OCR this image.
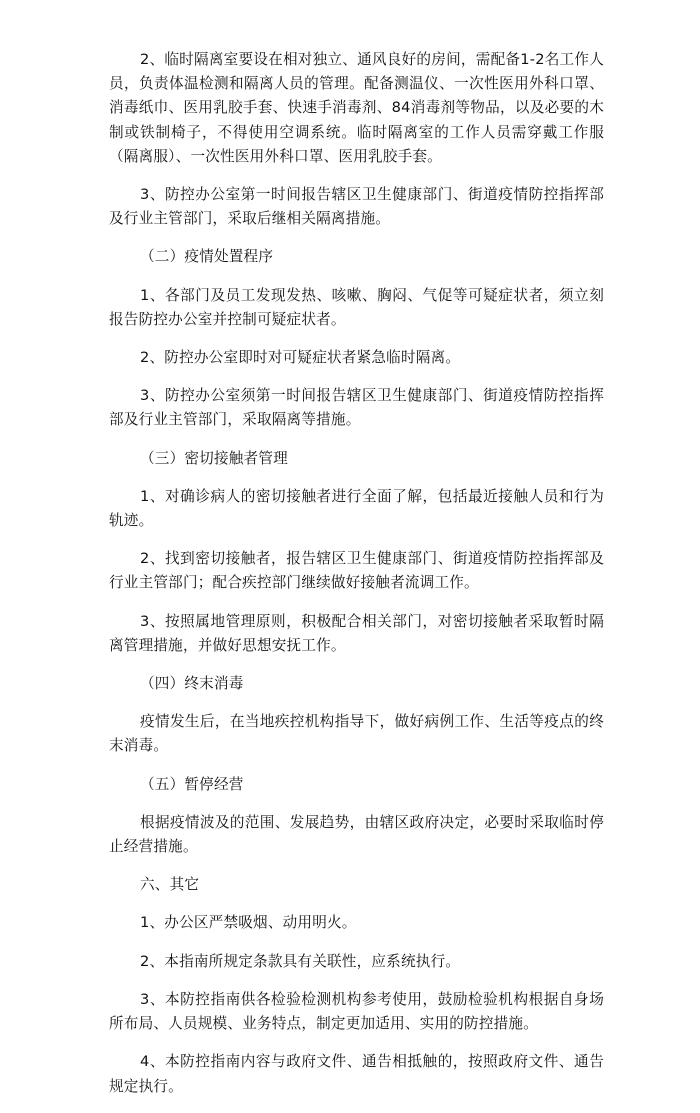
2、临时隔离室要设在相对独立、通风良好的房间，需配备1-2名工作人员，负责体温检测和隔离人员的管理。配备测温仪、一次性医用外科口罩、消毒纸巾、医用乳胶手套、快速手消毒剂、84消毒剂等物品，以及必要的木制或铁制椅子，不得使用空调系统。临时隔离室的工作人员需穿戴工作服（隔离服）、一次性医用外科口罩、医用乳胶手套。

3、防控办公室第一时间报告辖区卫生健康部门、街道疫情防控指挥部及行业主管部门，采取后继相关隔离措施。

（二）疫情处置程序

1、各部门及员工发现发热、咳嗽、胸闷、气促等可疑症状者，须立刻报告防控办公室并控制可疑症状者。

2、防控办公室即时对可疑症状者紧急临时隔离。

3、防控办公室须第一时间报告辖区卫生健康部门、街道疫情防控指挥部及行业主管部门，采取隔离等措施。

（三）密切接触者管理

1、对确诊病人的密切接触者进行全面了解，包括最近接触人员和行为轨迹。

2、找到密切接触者，报告辖区卫生健康部门、街道疫情防控指挥部及行业主管部门；配合疾控部门继续做好接触者流调工作。

3、按照属地管理原则，积极配合相关部门，对密切接触者采取暂时隔离管理措施，并做好思想安抚工作。

（四）终末消毒

疫情发生后，在当地疾控机构指导下，做好病例工作、生活等疫点的终末消毒。

（五）暂停经营

根据疫情波及的范围、发展趋势，由辖区政府决定，必要时采取临时停止经营措施。

六、其它

1、办公区严禁吸烟、动用明火。

2、本指南所规定条款具有关联性，应系统执行。

3、本防控指南供各检验检测机构参考使用，鼓励检验机构根据自身场所布局、人员规模、业务特点，制定更加适用、实用的防控措施。

4、本防控指南内容与政府文件、通告相抵触的，按照政府文件、通告规定执行。
